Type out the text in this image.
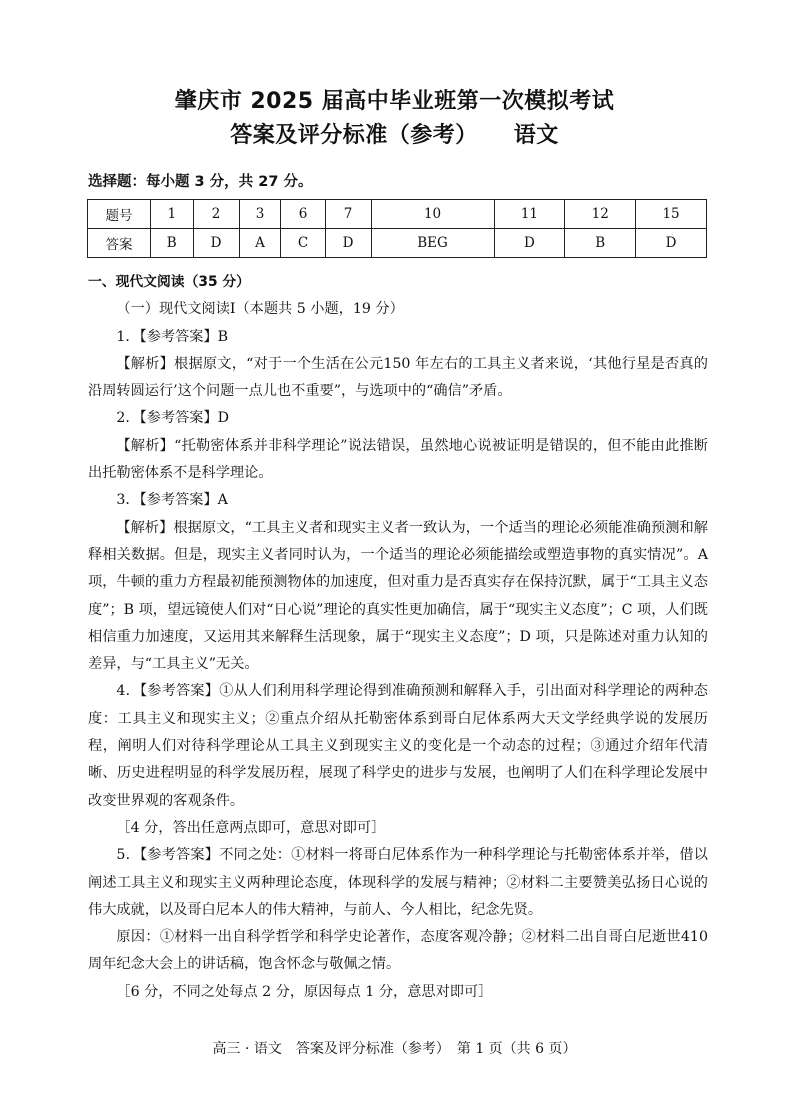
肇庆市 2025 届高中毕业班第一次模拟考试
答案及评分标准（参考） 语文
选择题：每小题 3 分，共 27 分。
题号	1	2	3	6	7	10	11	12	15
答案	B	D	A	C	D	BEG	D	B	D

一、现代文阅读（35 分）

（一）现代文阅读Ⅰ（本题共 5 小题，19 分）

1．【参考答案】B

【解析】根据原文，“对于一个生活在公元150 年左右的工具主义者来说，‘其他行星是否真的沿周转圆运行’这个问题一点儿也不重要”，与选项中的“确信”矛盾。

2．【参考答案】D

【解析】“托勒密体系并非科学理论”说法错误，虽然地心说被证明是错误的，但不能由此推断出托勒密体系不是科学理论。

3．【参考答案】A

【解析】根据原文，“工具主义者和现实主义者一致认为，一个适当的理论必须能准确预测和解释相关数据。但是，现实主义者同时认为，一个适当的理论必须能描绘或塑造事物的真实情况”。A 项，牛顿的重力方程最初能预测物体的加速度，但对重力是否真实存在保持沉默，属于“工具主义态度”；B 项，望远镜使人们对“日心说”理论的真实性更加确信，属于“现实主义态度”；C 项，人们既相信重力加速度，又运用其来解释生活现象，属于“现实主义态度”；D 项，只是陈述对重力认知的差异，与“工具主义”无关。

4．【参考答案】①从人们利用科学理论得到准确预测和解释入手，引出面对科学理论的两种态度：工具主义和现实主义；②重点介绍从托勒密体系到哥白尼体系两大天文学经典学说的发展历程，阐明人们对待科学理论从工具主义到现实主义的变化是一个动态的过程；③通过介绍年代清晰、历史进程明显的科学发展历程，展现了科学史的进步与发展，也阐明了人们在科学理论发展中改变世界观的客观条件。

［4 分，答出任意两点即可，意思对即可］

5．【参考答案】不同之处：①材料一将哥白尼体系作为一种科学理论与托勒密体系并举，借以阐述工具主义和现实主义两种理论态度，体现科学的发展与精神；②材料二主要赞美弘扬日心说的伟大成就，以及哥白尼本人的伟大精神，与前人、今人相比，纪念先贤。

原因：①材料一出自科学哲学和科学史论著作，态度客观冷静；②材料二出自哥白尼逝世410 周年纪念大会上的讲话稿，饱含怀念与敬佩之情。

［6 分，不同之处每点 2 分，原因每点 1 分，意思对即可］

高三 · 语文　答案及评分标准（参考）　第 1 页（共 6 页）
